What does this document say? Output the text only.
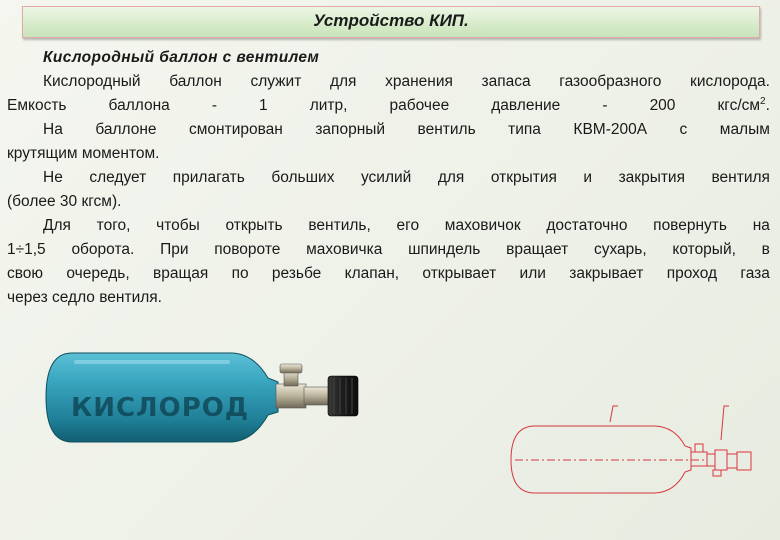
Устройство КИП.
Кислородный баллон с вентилем
Кислородный баллон служит для хранения запаса газообразного кислорода.
Емкость	баллона	-	1	литр,	рабочее	давление	-	200	кгс/$см^2$.
На баллоне смонтирован запорный вентиль типа КВМ-200А с малым
крутящим моментом.
Не следует прилагать больших усилий для открытия и закрытия вентиля
(более 30 кгсм).
Для того, чтобы открыть вентиль, его маховичок достаточно повернуть на
1÷1,5 оборота. При повороте маховичка шпиндель вращает сухарь, который, в
свою очередь, вращая по резьбе клапан, открывает или закрывает проход газа
через седло вентиля.
КИСЛОРОД
